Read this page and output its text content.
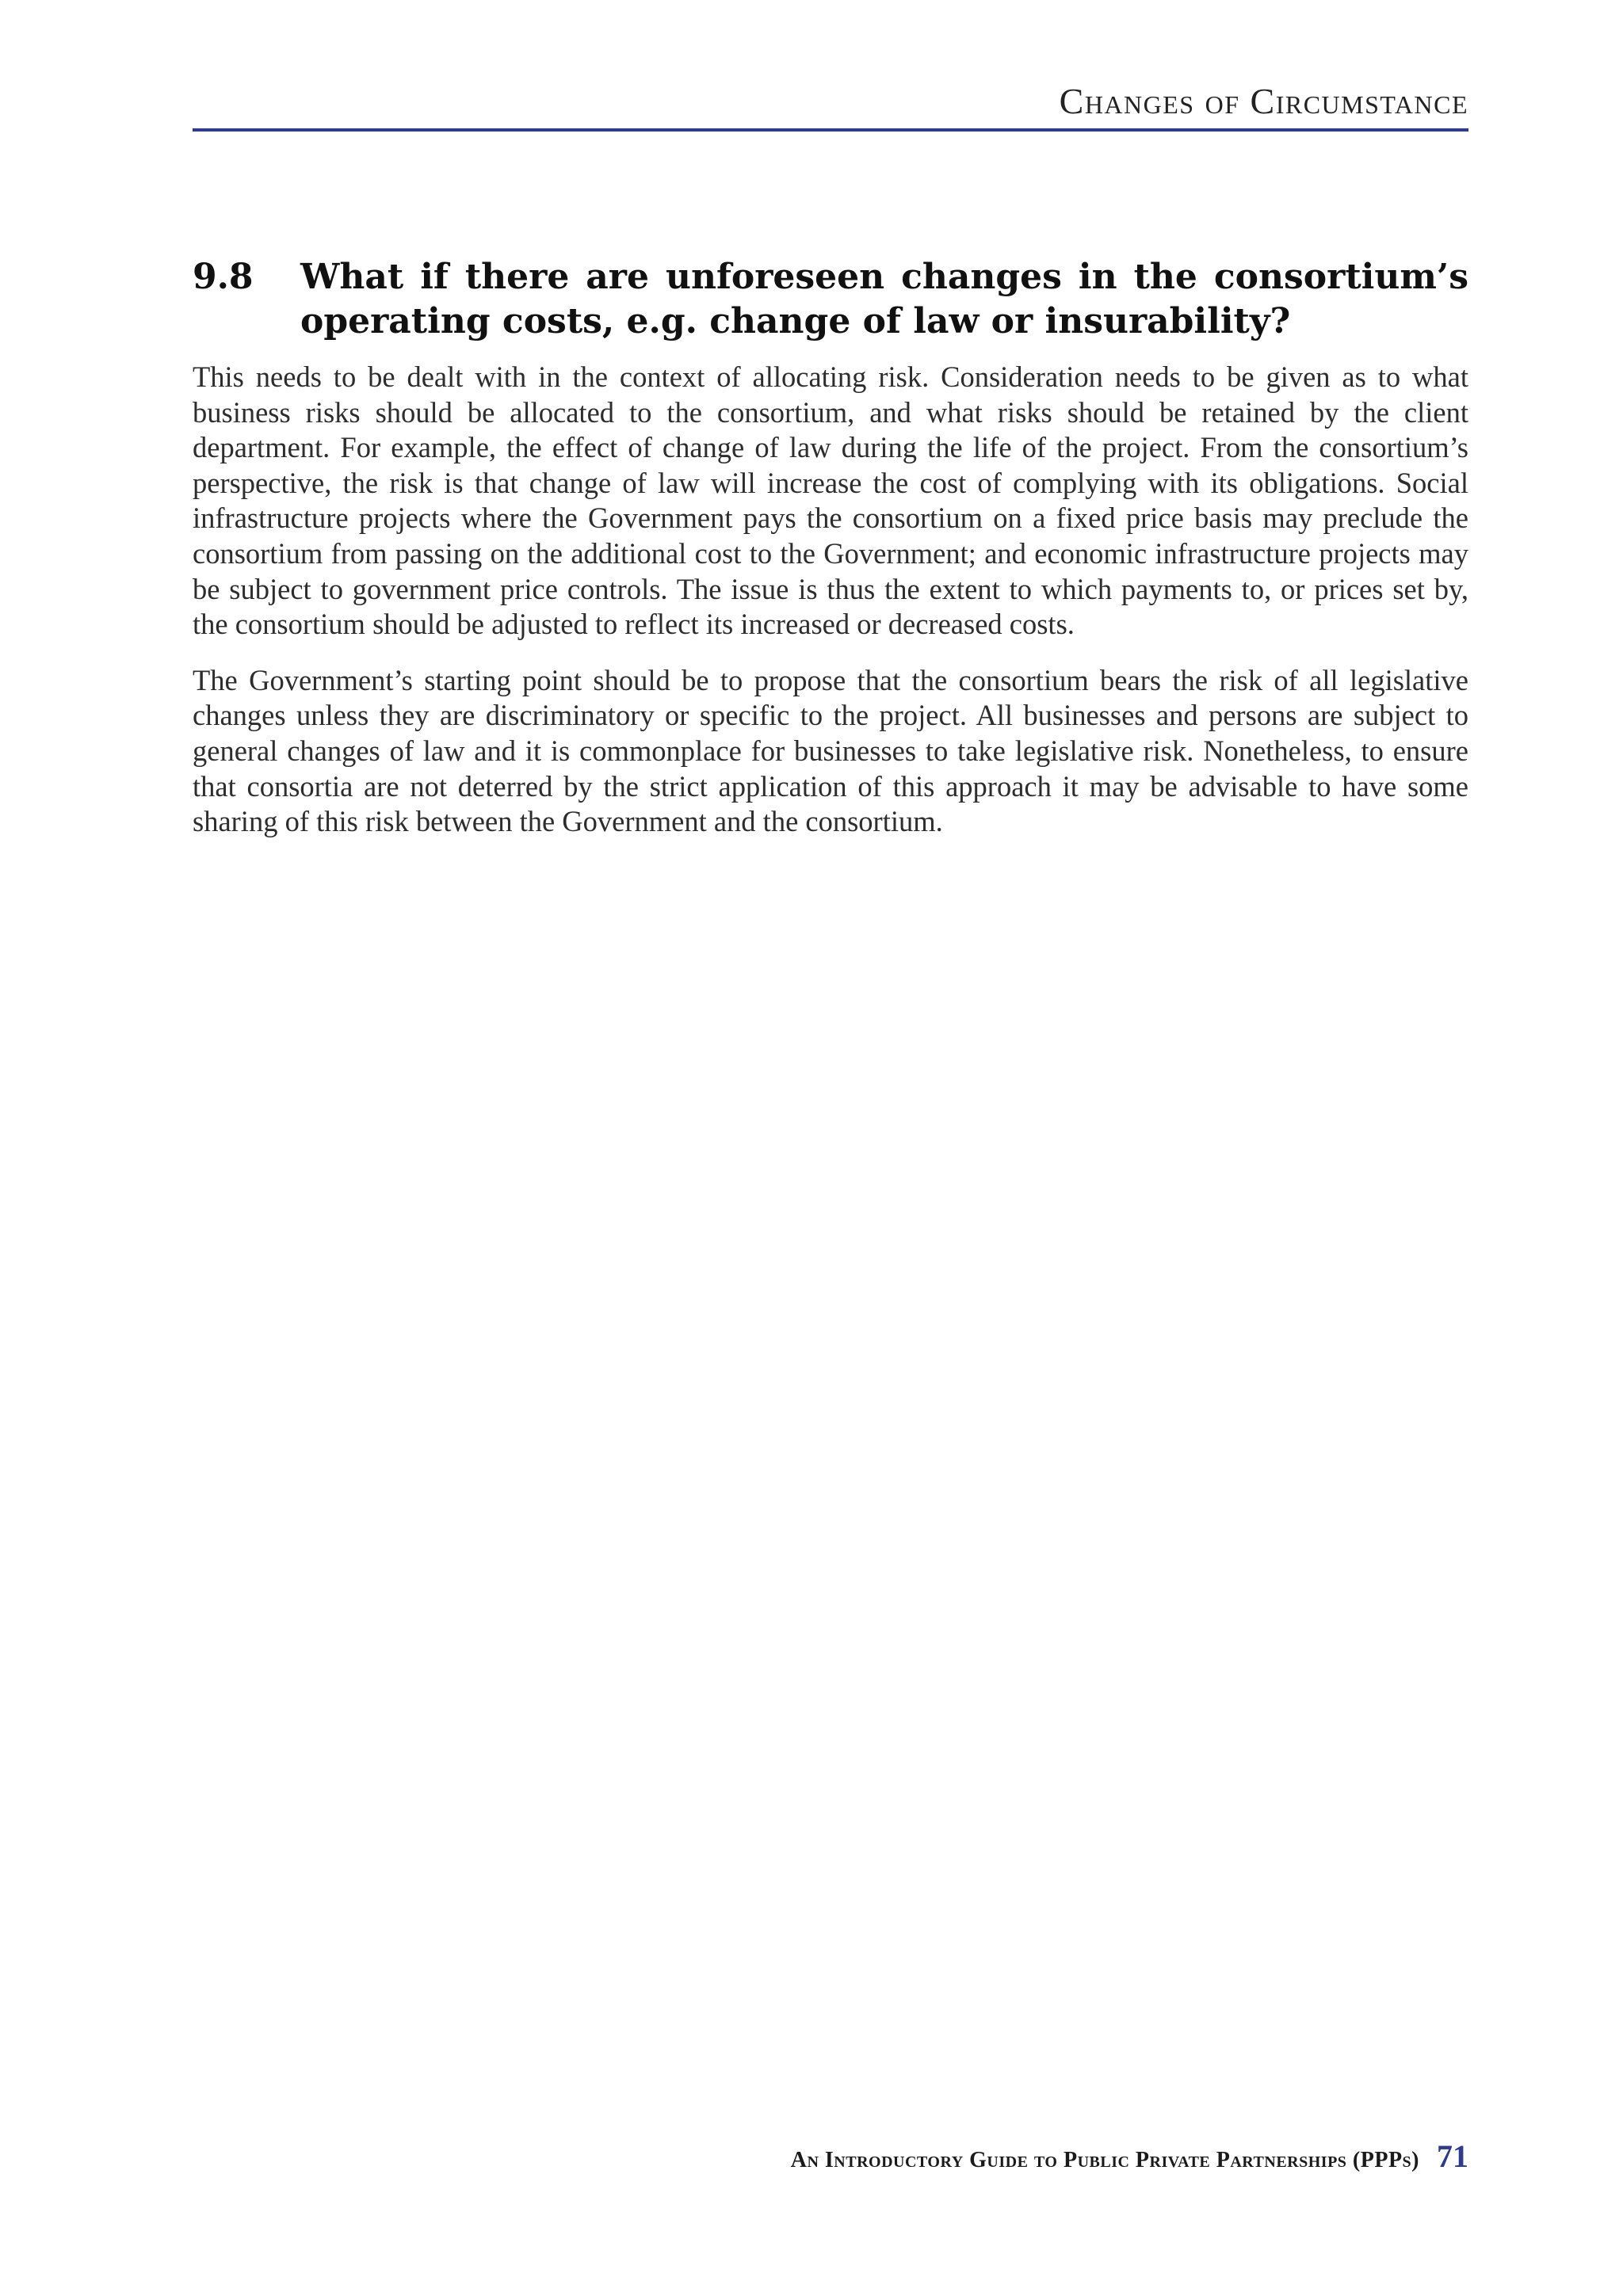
Changes of Circumstance
9.8	What if there are unforeseen changes in the consortium’s operating costs, e.g. change of law or insurability?

This needs to be dealt with in the context of allocating risk. Consideration needs to be given as to what business risks should be allocated to the consortium, and what risks should be retained by the client department. For example, the effect of change of law during the life of the project. From the consortium’s perspective, the risk is that change of law will increase the cost of complying with its obligations. Social infrastructure projects where the Government pays the consortium on a fixed price basis may preclude the consortium from passing on the additional cost to the Government; and economic infrastructure projects may be subject to government price controls. The issue is thus the extent to which payments to, or prices set by, the consortium should be adjusted to reflect its increased or decreased costs.

The Government’s starting point should be to propose that the consortium bears the risk of all legislative changes unless they are discriminatory or specific to the project. All businesses and persons are subject to general changes of law and it is commonplace for businesses to take legislative risk. Nonetheless, to ensure that consortia are not deterred by the strict application of this approach it may be advisable to have some sharing of this risk between the Government and the consortium.

An Introductory Guide to Public Private Partnerships (PPPs) 71
